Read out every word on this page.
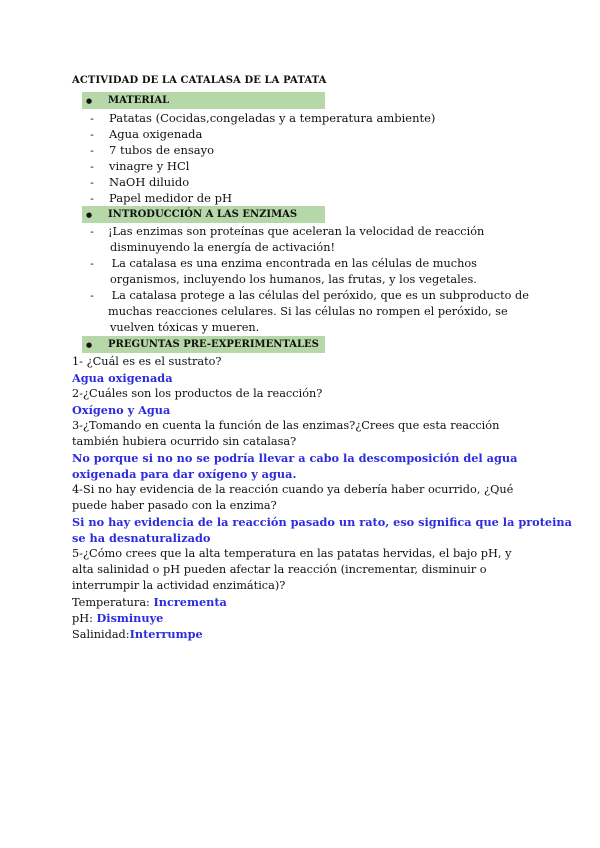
ACTIVIDAD DE LA CATALASA DE LA PATATA
● MATERIAL
- Patatas (Cocidas,congeladas y a temperatura ambiente)
- Agua oxigenada
- 7 tubos de ensayo
- vinagre y HCl
- NaOH diluido
- Papel medidor de pH
● INTRODUCCIÓN A LAS ENZIMAS
- ¡Las enzimas son proteínas que aceleran la velocidad de reacción
disminuyendo la energía de activación!
- La catalasa es una enzima encontrada en las células de muchos
organismos, incluyendo los humanos, las frutas, y los vegetales.
- La catalasa protege a las células del peróxido, que es un subproducto de
muchas reacciones celulares. Si las células no rompen el peróxido, se
vuelven tóxicas y mueren.
● PREGUNTAS PRE-EXPERIMENTALES
1- ¿Cuál es es el sustrato?
Agua oxigenada
2-¿Cuáles son los productos de la reacción?
Oxígeno y Agua
3-¿Tomando en cuenta la función de las enzimas?¿Crees que esta reacción
también hubiera ocurrido sin catalasa?
No porque si no no se podría llevar a cabo la descomposición del agua
oxigenada para dar oxígeno y agua.
4-Si no hay evidencia de la reacción cuando ya debería haber ocurrido, ¿Qué
puede haber pasado con la enzima?
Si no hay evidencia de la reacción pasado un rato, eso significa que la proteina
se ha desnaturalizado
5-¿Cómo crees que la alta temperatura en las patatas hervidas, el bajo pH, y
alta salinidad o pH pueden afectar la reacción (incrementar, disminuir o
interrumpir la actividad enzimática)?
Temperatura: Incrementa
pH: Disminuye
Salinidad:Interrumpe
